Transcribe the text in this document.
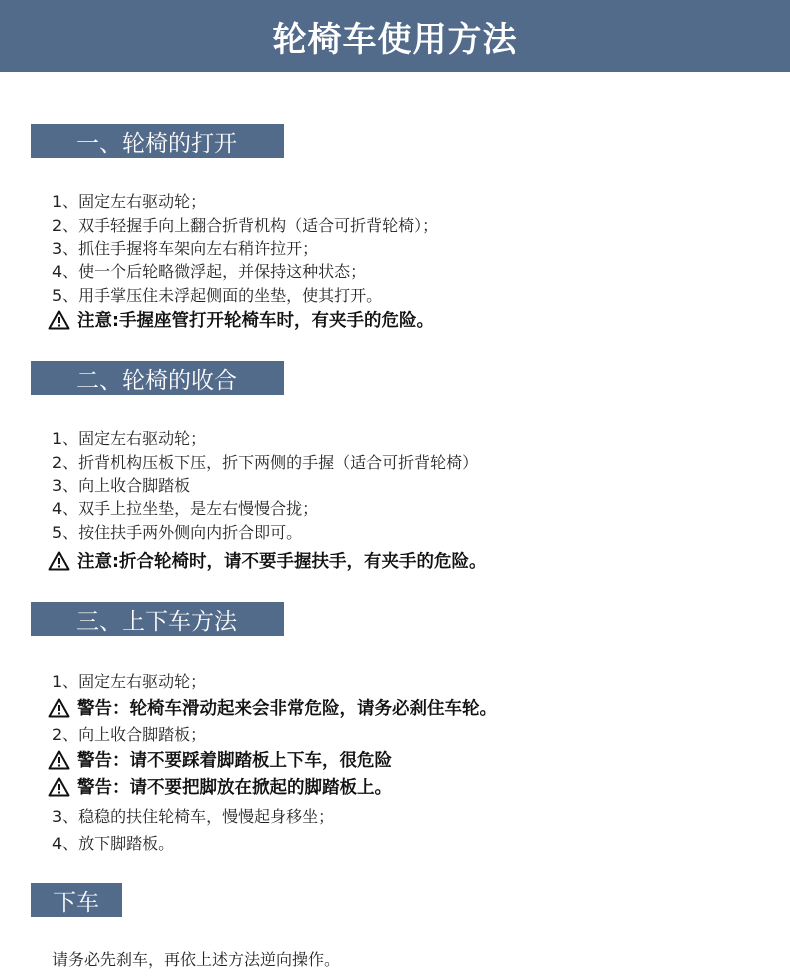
轮椅车使用方法
一、轮椅的打开
1、固定左右驱动轮；
2、双手轻握手向上翻合折背机构（适合可折背轮椅）；
3、抓住手握将车架向左右稍许拉开；
4、使一个后轮略微浮起，并保持这种状态；
5、用手掌压住未浮起侧面的坐垫，使其打开。
注意:手握座管打开轮椅车时，有夹手的危险。
二、轮椅的收合
1、固定左右驱动轮；
2、折背机构压板下压，折下两侧的手握（适合可折背轮椅）
3、向上收合脚踏板
4、双手上拉坐垫，是左右慢慢合拢；
5、按住扶手两外侧向内折合即可。
注意:折合轮椅时，请不要手握扶手，有夹手的危险。
三、上下车方法
1、固定左右驱动轮；
警告：轮椅车滑动起来会非常危险，请务必刹住车轮。
2、向上收合脚踏板；
警告：请不要踩着脚踏板上下车，很危险
警告：请不要把脚放在掀起的脚踏板上。
3、稳稳的扶住轮椅车，慢慢起身移坐；
4、放下脚踏板。
下车
请务必先刹车，再依上述方法逆向操作。
